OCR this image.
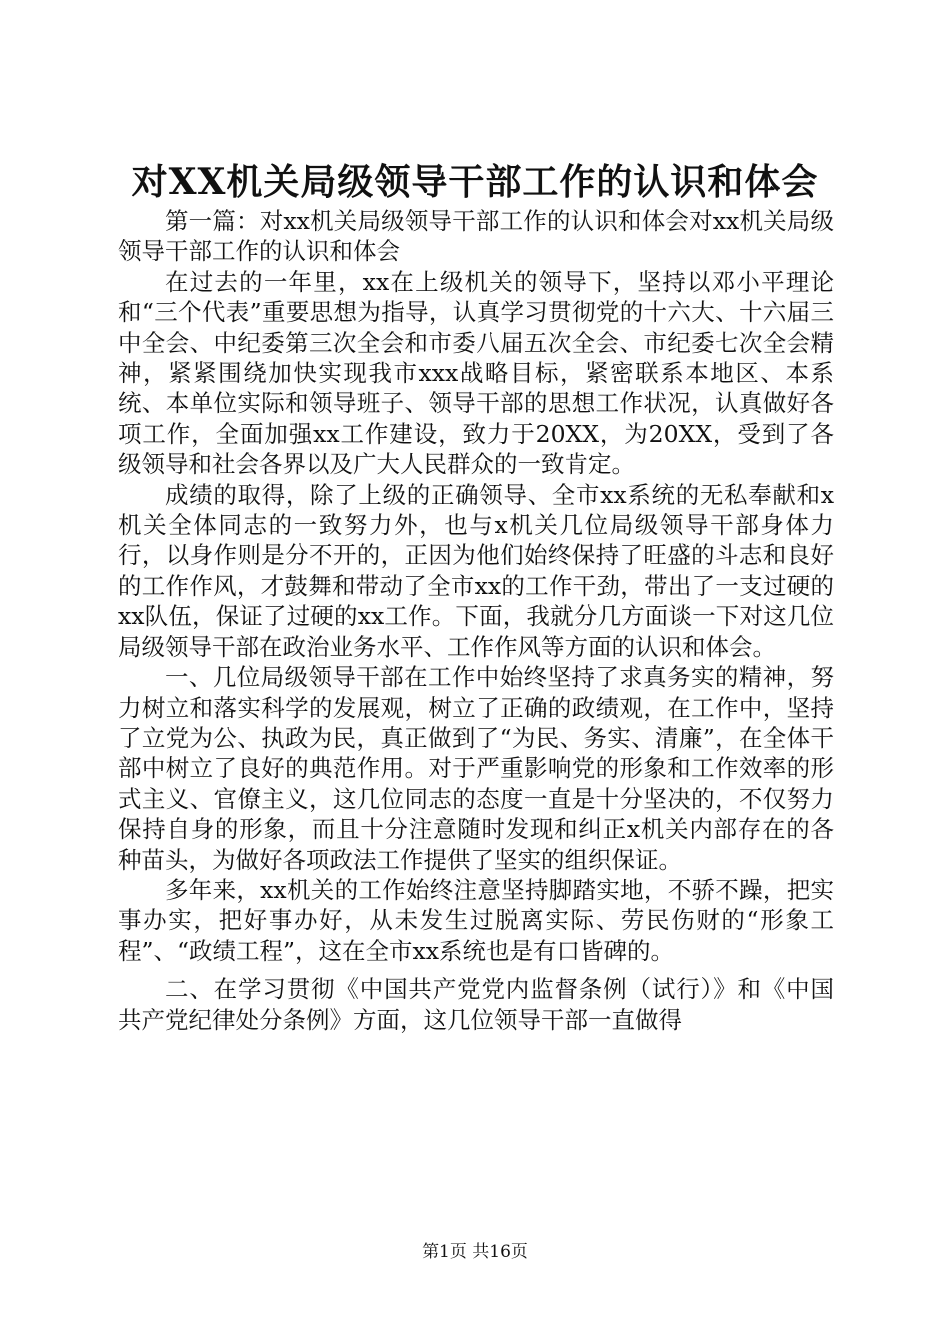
对XX机关局级领导干部工作的认识和体会

第一篇：对xx机关局级领导干部工作的认识和体会对xx机关局级领导干部工作的认识和体会

在过去的一年里，xx在上级机关的领导下，坚持以邓小平理论和“三个代表”重要思想为指导，认真学习贯彻党的十六大、十六届三中全会、中纪委第三次全会和市委八届五次全会、市纪委七次全会精神，紧紧围绕加快实现我市xxx战略目标，紧密联系本地区、本系统、本单位实际和领导班子、领导干部的思想工作状况，认真做好各项工作，全面加强xx工作建设，致力于20XX，为20XX，受到了各级领导和社会各界以及广大人民群众的一致肯定。

成绩的取得，除了上级的正确领导、全市xx系统的无私奉献和x机关全体同志的一致努力外，也与x机关几位局级领导干部身体力行，以身作则是分不开的，正因为他们始终保持了旺盛的斗志和良好的工作作风，才鼓舞和带动了全市xx的工作干劲，带出了一支过硬的xx队伍，保证了过硬的xx工作。下面，我就分几方面谈一下对这几位局级领导干部在政治业务水平、工作作风等方面的认识和体会。

一、几位局级领导干部在工作中始终坚持了求真务实的精神，努力树立和落实科学的发展观，树立了正确的政绩观，在工作中，坚持了立党为公、执政为民，真正做到了“为民、务实、清廉”，在全体干部中树立了良好的典范作用。对于严重影响党的形象和工作效率的形式主义、官僚主义，这几位同志的态度一直是十分坚决的，不仅努力保持自身的形象，而且十分注意随时发现和纠正x机关内部存在的各种苗头，为做好各项政法工作提供了坚实的组织保证。

多年来，xx机关的工作始终注意坚持脚踏实地，不骄不躁，把实事办实，把好事办好，从未发生过脱离实际、劳民伤财的“形象工程”、“政绩工程”，这在全市xx系统也是有口皆碑的。

二、在学习贯彻《中国共产党党内监督条例（试行）》和《中国共产党纪律处分条例》方面，这几位领导干部一直做得

第1页 共16页
